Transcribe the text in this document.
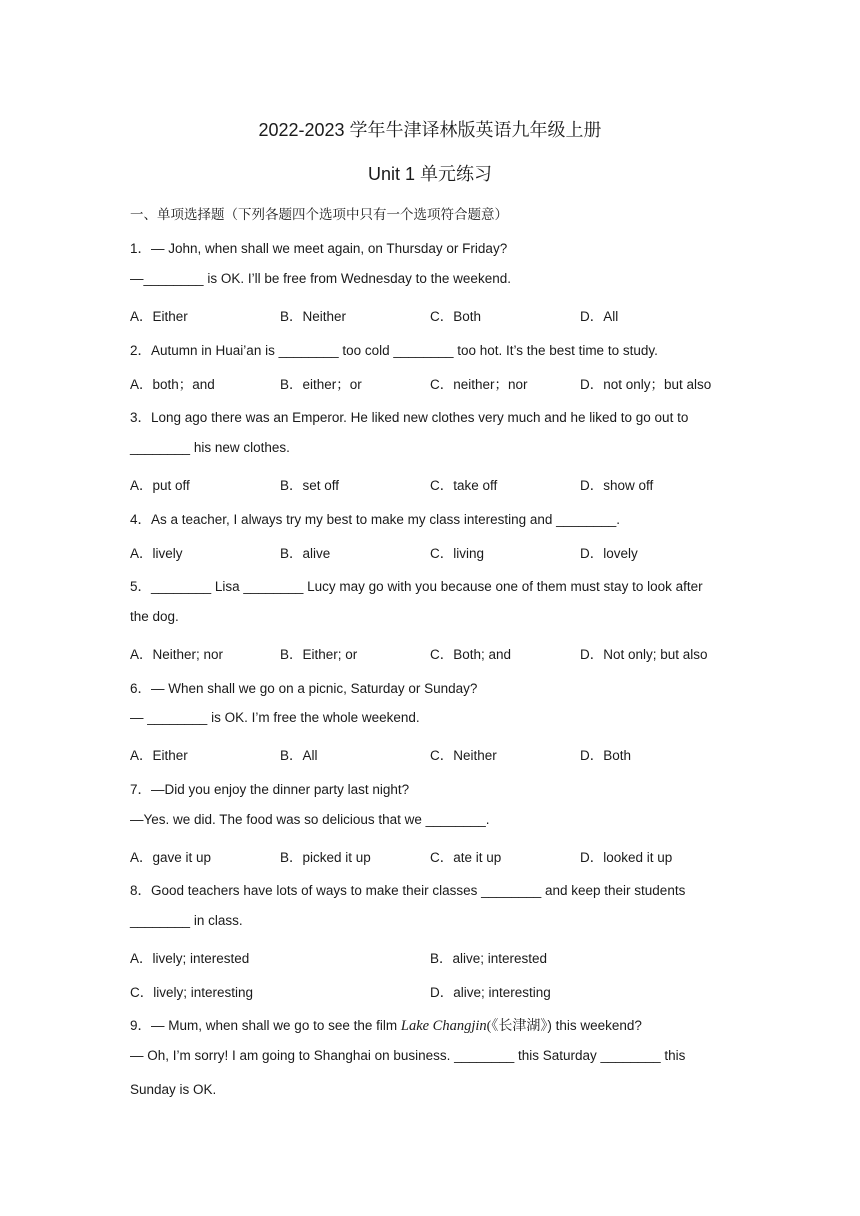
2022-2023 学年牛津译林版英语九年级上册
Unit 1 单元练习
一、单项选择题（下列各题四个选项中只有一个选项符合题意）
1．— John, when shall we meet again, on Thursday or Friday?
—________ is OK. I’ll be free from Wednesday to the weekend.
A．Either	B．Neither	C．Both	D．All
2．Autumn in Huai’an is ________ too cold ________ too hot. It’s the best time to study.
A．both；and	B．either；or	C．neither；nor	D．not only；but also
3．Long ago there was an Emperor. He liked new clothes very much and he liked to go out to
________ his new clothes.
A．put off	B．set off	C．take off	D．show off
4．As a teacher, I always try my best to make my class interesting and ________.
A．lively	B．alive	C．living	D．lovely
5．________ Lisa ________ Lucy may go with you because one of them must stay to look after
the dog.
A．Neither; nor	B．Either; or	C．Both; and	D．Not only; but also
6．— When shall we go on a picnic, Saturday or Sunday?
— ________ is OK. I’m free the whole weekend.
A．Either	B．All	C．Neither	D．Both
7．—Did you enjoy the dinner party last night?
—Yes. we did. The food was so delicious that we ________.
A．gave it up	B．picked it up	C．ate it up	D．looked it up
8．Good teachers have lots of ways to make their classes ________ and keep their students
________ in class.
A．lively; interested	B．alive; interested
C．lively; interesting	D．alive; interesting
9．— Mum, when shall we go to see the film Lake Changjin(《长津湖》) this weekend?
— Oh, I’m sorry! I am going to Shanghai on business. ________ this Saturday ________ this
Sunday is OK.
